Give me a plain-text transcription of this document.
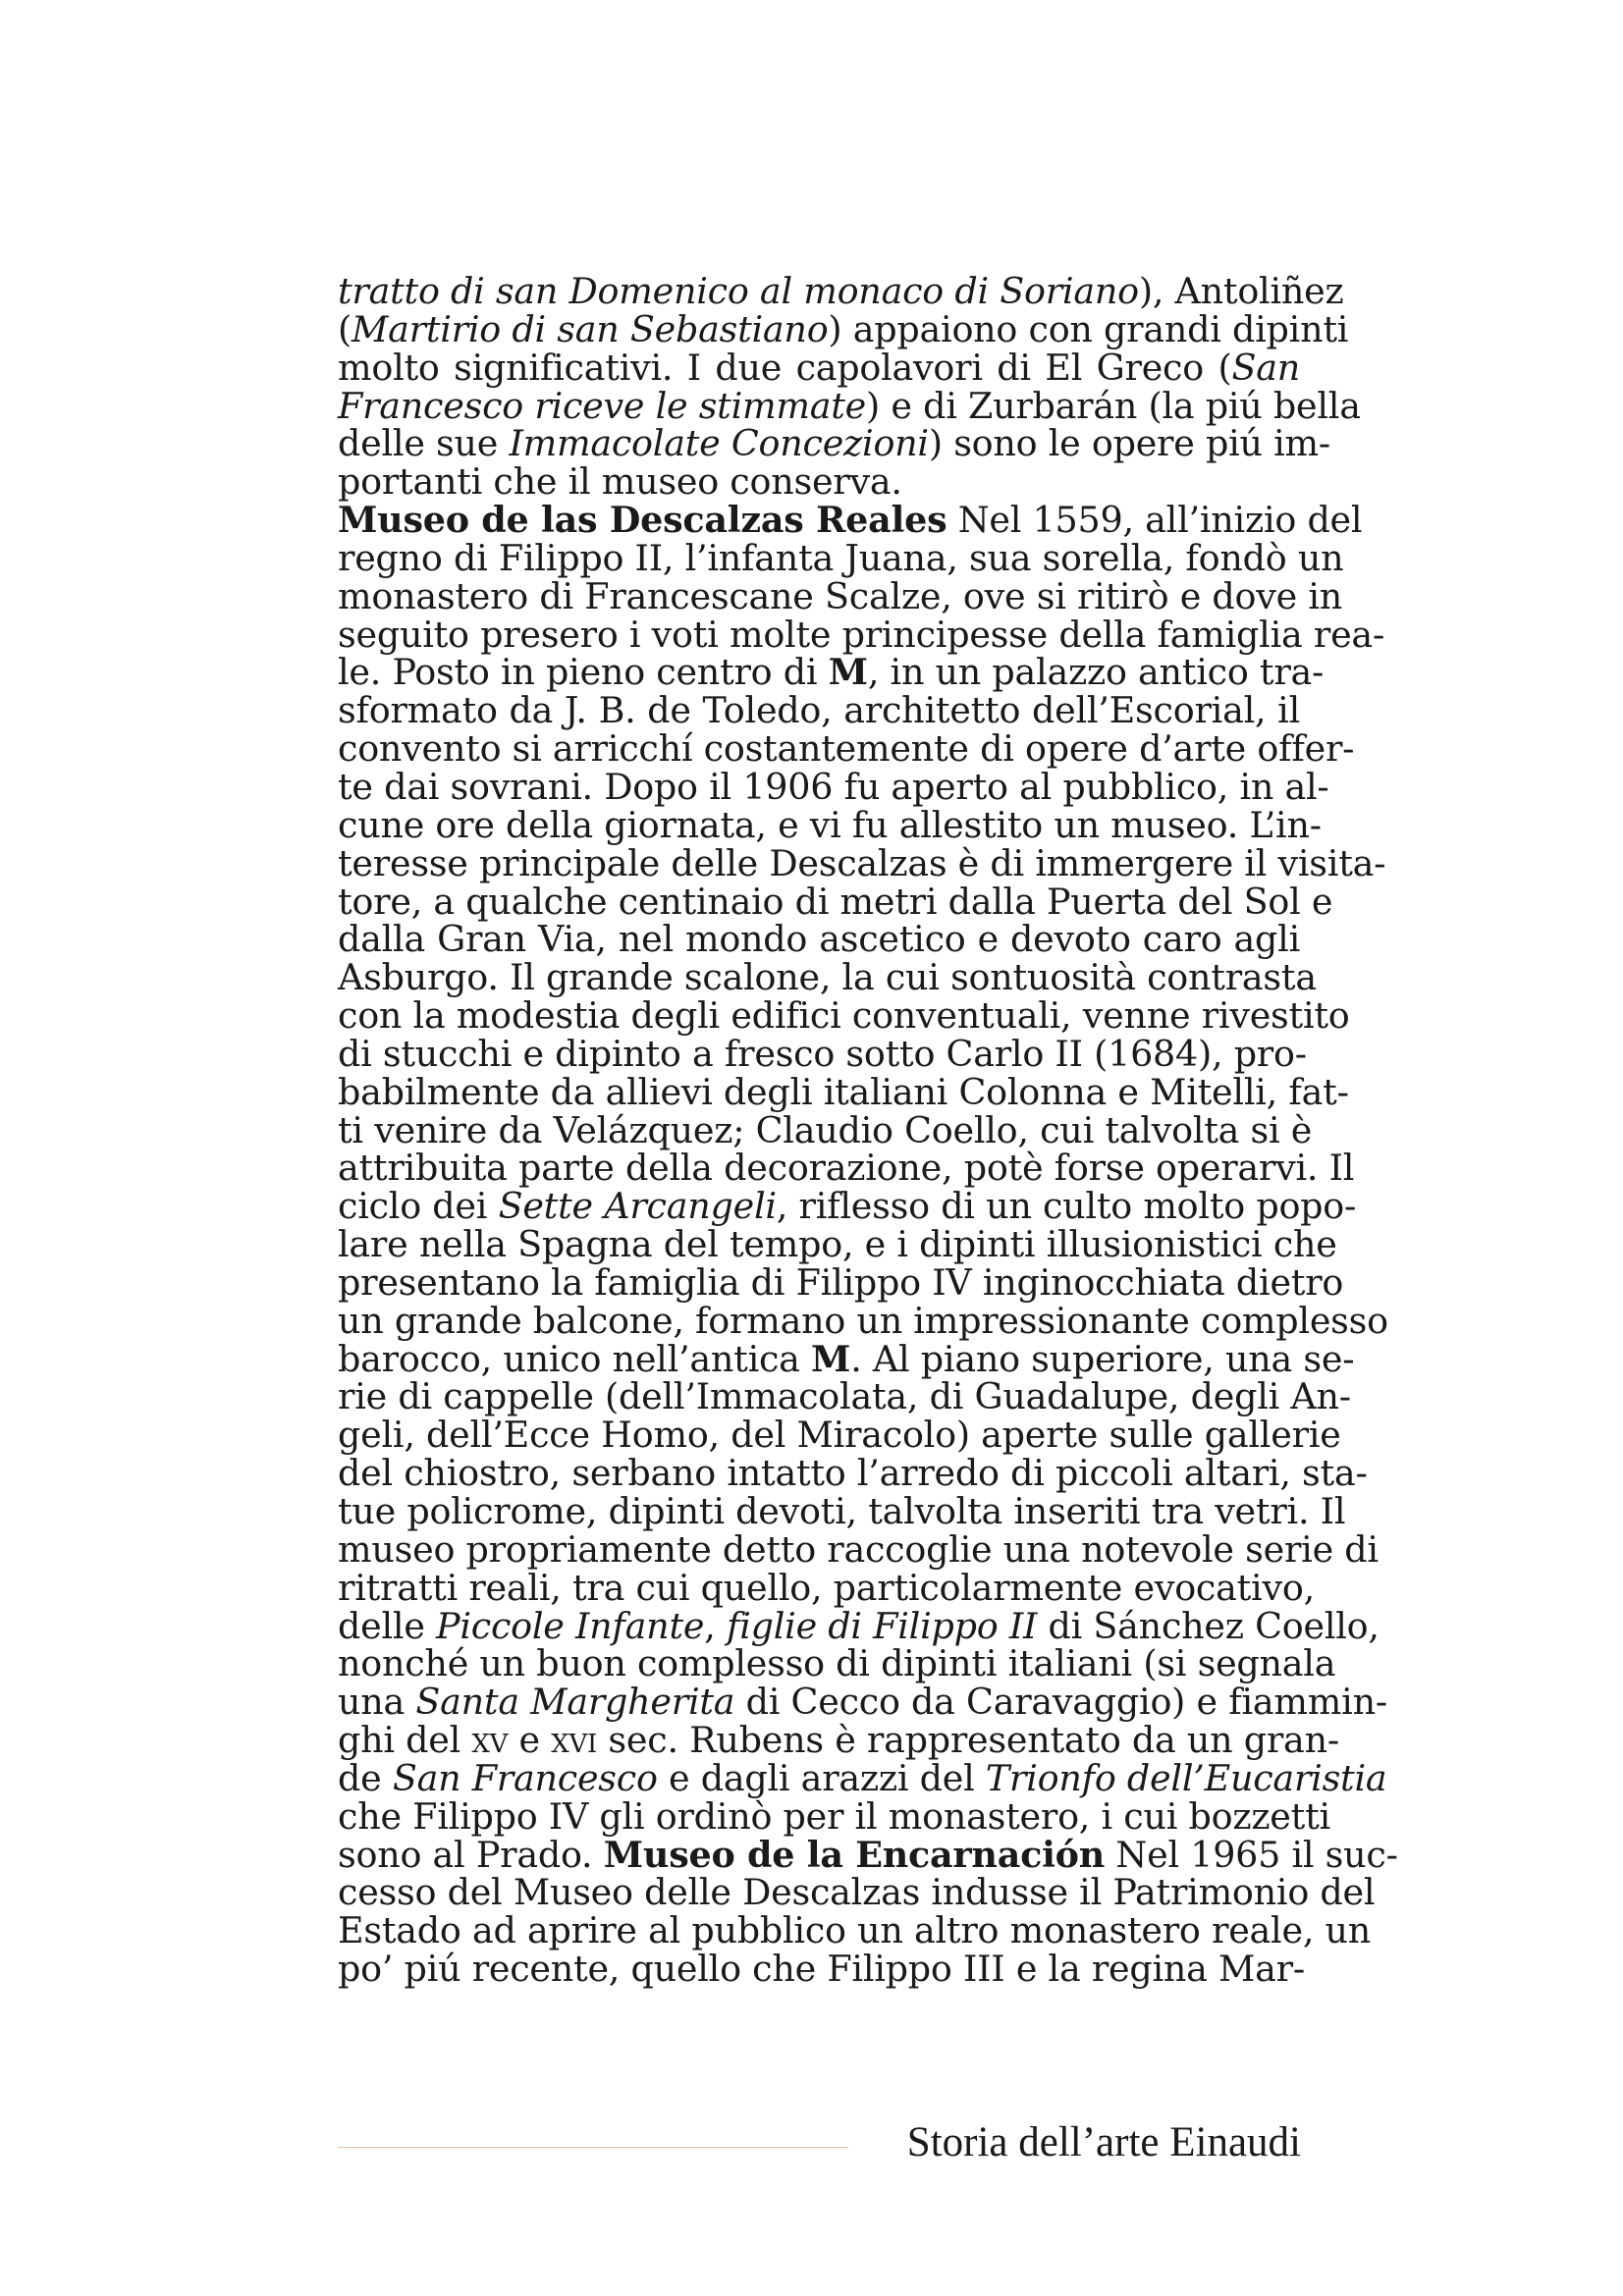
tratto di san Domenico al monaco di Soriano), Antoliñez
(Martirio di san Sebastiano) appaiono con grandi dipinti
molto significativi. I due capolavori di El Greco (San
Francesco riceve le stimmate) e di Zurbarán (la piú bella
delle sue Immacolate Concezioni) sono le opere piú im-
portanti che il museo conserva.
Museo de las Descalzas Reales Nel 1559, all’inizio del
regno di Filippo II, l’infanta Juana, sua sorella, fondò un
monastero di Francescane Scalze, ove si ritirò e dove in
seguito presero i voti molte principesse della famiglia rea-
le. Posto in pieno centro di M, in un palazzo antico tra-
sformato da J. B. de Toledo, architetto dell’Escorial, il
convento si arricchí costantemente di opere d’arte offer-
te dai sovrani. Dopo il 1906 fu aperto al pubblico, in al-
cune ore della giornata, e vi fu allestito un museo. L’in-
teresse principale delle Descalzas è di immergere il visita-
tore, a qualche centinaio di metri dalla Puerta del Sol e
dalla Gran Via, nel mondo ascetico e devoto caro agli
Asburgo. Il grande scalone, la cui sontuosità contrasta
con la modestia degli edifici conventuali, venne rivestito
di stucchi e dipinto a fresco sotto Carlo II (1684), pro-
babilmente da allievi degli italiani Colonna e Mitelli, fat-
ti venire da Velázquez; Claudio Coello, cui talvolta si è
attribuita parte della decorazione, potè forse operarvi. Il
ciclo dei Sette Arcangeli, riflesso di un culto molto popo-
lare nella Spagna del tempo, e i dipinti illusionistici che
presentano la famiglia di Filippo IV inginocchiata dietro
un grande balcone, formano un impressionante complesso
barocco, unico nell’antica M. Al piano superiore, una se-
rie di cappelle (dell’Immacolata, di Guadalupe, degli An-
geli, dell’Ecce Homo, del Miracolo) aperte sulle gallerie
del chiostro, serbano intatto l’arredo di piccoli altari, sta-
tue policrome, dipinti devoti, talvolta inseriti tra vetri. Il
museo propriamente detto raccoglie una notevole serie di
ritratti reali, tra cui quello, particolarmente evocativo,
delle Piccole Infante, figlie di Filippo II di Sánchez Coello,
nonché un buon complesso di dipinti italiani (si segnala
una Santa Margherita di Cecco da Caravaggio) e fiammin-
ghi del xv e xvi sec. Rubens è rappresentato da un gran-
de San Francesco e dagli arazzi del Trionfo dell’Eucaristia
che Filippo IV gli ordinò per il monastero, i cui bozzetti
sono al Prado. Museo de la Encarnación Nel 1965 il suc-
cesso del Museo delle Descalzas indusse il Patrimonio del
Estado ad aprire al pubblico un altro monastero reale, un
po’ piú recente, quello che Filippo III e la regina Mar-
Storia dell’arte Einaudi
